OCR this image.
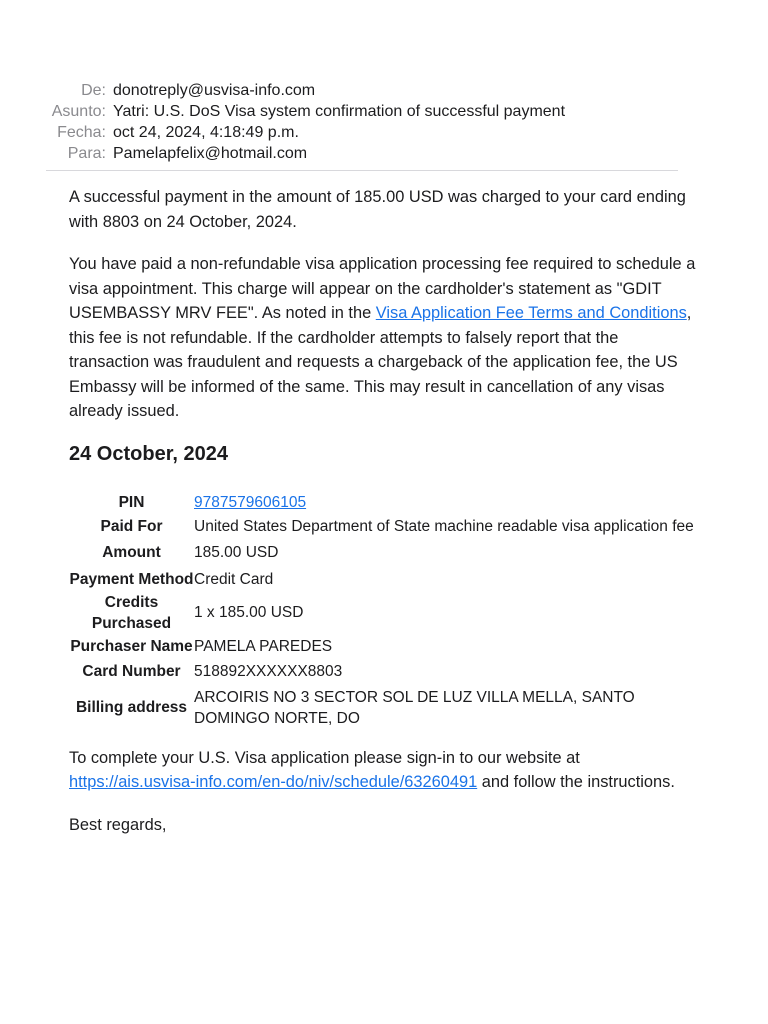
De: donotreply@usvisa-info.com
Asunto: Yatri: U.S. DoS Visa system confirmation of successful payment
Fecha: oct 24, 2024, 4:18:49 p.m.
Para: Pamelapfelix@hotmail.com

A successful payment in the amount of 185.00 USD was charged to your card ending with 8803 on 24 October, 2024.

You have paid a non-refundable visa application processing fee required to schedule a visa appointment. This charge will appear on the cardholder's statement as "GDIT USEMBASSY MRV FEE". As noted in the Visa Application Fee Terms and Conditions, this fee is not refundable. If the cardholder attempts to falsely report that the transaction was fraudulent and requests a chargeback of the application fee, the US Embassy will be informed of the same. This may result in cancellation of any visas already issued.

24 October, 2024
PIN	9787579606105
Paid For	United States Department of State machine readable visa application fee
Amount	185.00 USD
Payment Method	Credit Card
Credits Purchased	1 x 185.00 USD
Purchaser Name	PAMELA PAREDES
Card Number	518892XXXXXX8803
Billing address	ARCOIRIS NO 3 SECTOR SOL DE LUZ VILLA MELLA, SANTO DOMINGO NORTE, DO

To complete your U.S. Visa application please sign-in to our website at https://ais.usvisa-info.com/en-do/niv/schedule/63260491 and follow the instructions.

Best regards,
